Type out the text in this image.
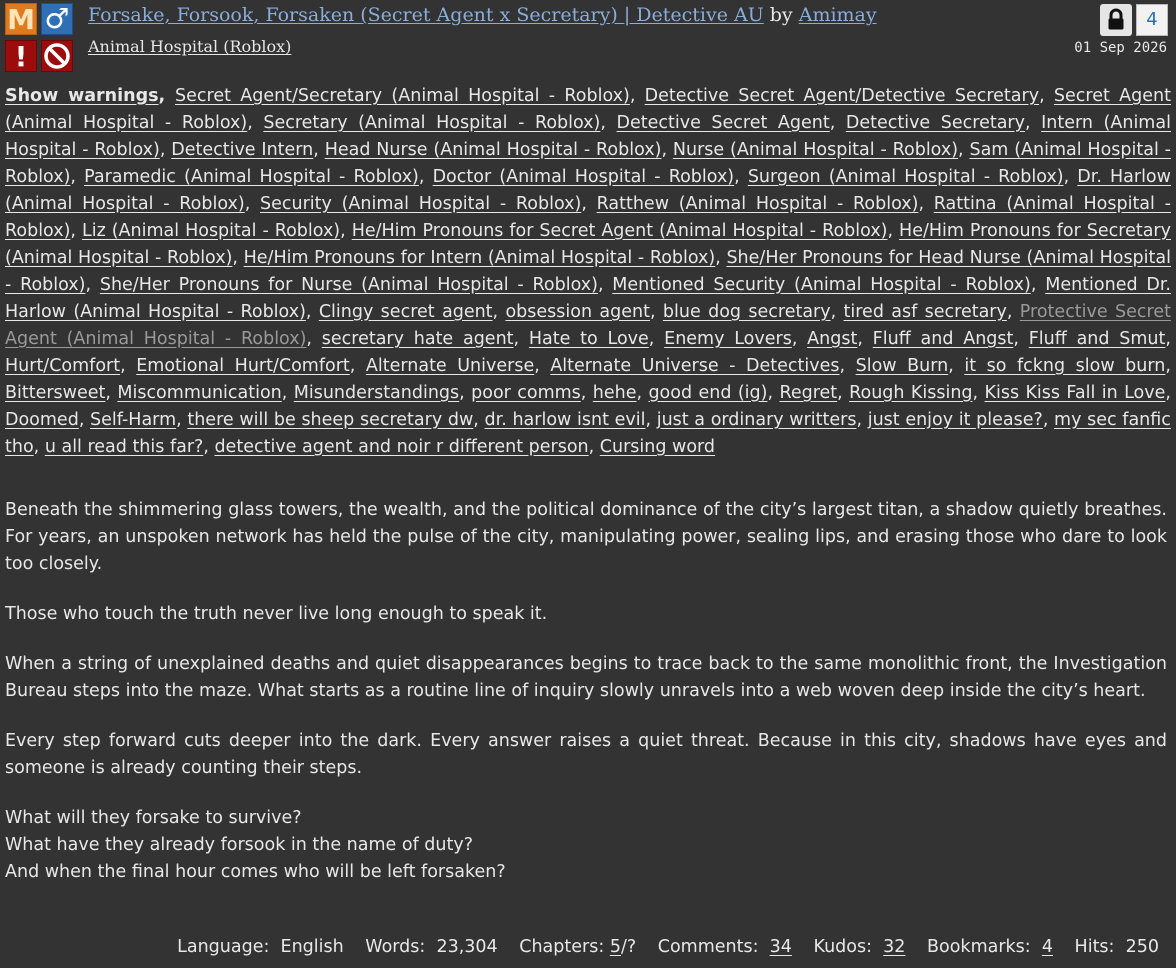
M ♂
!
Forsake, Forsook, Forsaken (Secret Agent x Secretary) | Detective AU by Amimay
Animal Hospital (Roblox)
4
01 Sep 2026
Show warnings, Secret Agent/Secretary (Animal Hospital - Roblox), Detective Secret Agent/Detective Secretary, Secret Agent (Animal Hospital - Roblox), Secretary (Animal Hospital - Roblox), Detective Secret Agent, Detective Secretary, Intern (Animal Hospital - Roblox), Detective Intern, Head Nurse (Animal Hospital - Roblox), Nurse (Animal Hospital - Roblox), Sam (Animal Hospital - Roblox), Paramedic (Animal Hospital - Roblox), Doctor (Animal Hospital - Roblox), Surgeon (Animal Hospital - Roblox), Dr. Harlow (Animal Hospital - Roblox), Security (Animal Hospital - Roblox), Ratthew (Animal Hospital - Roblox), Rattina (Animal Hospital - Roblox), Liz (Animal Hospital - Roblox), He/Him Pronouns for Secret Agent (Animal Hospital - Roblox), He/Him Pronouns for Secretary (Animal Hospital - Roblox), He/Him Pronouns for Intern (Animal Hospital - Roblox), She/Her Pronouns for Head Nurse (Animal Hospital - Roblox), She/Her Pronouns for Nurse (Animal Hospital - Roblox), Mentioned Security (Animal Hospital - Roblox), Mentioned Dr. Harlow (Animal Hospital - Roblox), Clingy secret agent, obsession agent, blue dog secretary, tired asf secretary, Protective Secret Agent (Animal Hospital - Roblox), secretary hate agent, Hate to Love, Enemy Lovers, Angst, Fluff and Angst, Fluff and Smut, Hurt/Comfort, Emotional Hurt/Comfort, Alternate Universe, Alternate Universe - Detectives, Slow Burn, it so fckng slow burn, Bittersweet, Miscommunication, Misunderstandings, poor comms, hehe, good end (ig), Regret, Rough Kissing, Kiss Kiss Fall in Love, Doomed, Self-Harm, there will be sheep secretary dw, dr. harlow isnt evil, just a ordinary writters, just enjoy it please?, my sec fanfic tho, u all read this far?, detective agent and noir r different person, Cursing word

Beneath the shimmering glass towers, the wealth, and the political dominance of the city’s largest titan, a shadow quietly breathes. For years, an unspoken network has held the pulse of the city, manipulating power, sealing lips, and erasing those who dare to look too closely.

Those who touch the truth never live long enough to speak it.

When a string of unexplained deaths and quiet disappearances begins to trace back to the same monolithic front, the Investigation Bureau steps into the maze. What starts as a routine line of inquiry slowly unravels into a web woven deep inside the city’s heart.

Every step forward cuts deeper into the dark. Every answer raises a quiet threat. Because in this city, shadows have eyes and someone is already counting their steps.

What will they forsake to survive?
What have they already forsook in the name of duty?
And when the final hour comes who will be left forsaken?

Language: English Words: 23,304 Chapters: 5/? Comments: 34 Kudos: 32 Bookmarks: 4 Hits: 250
